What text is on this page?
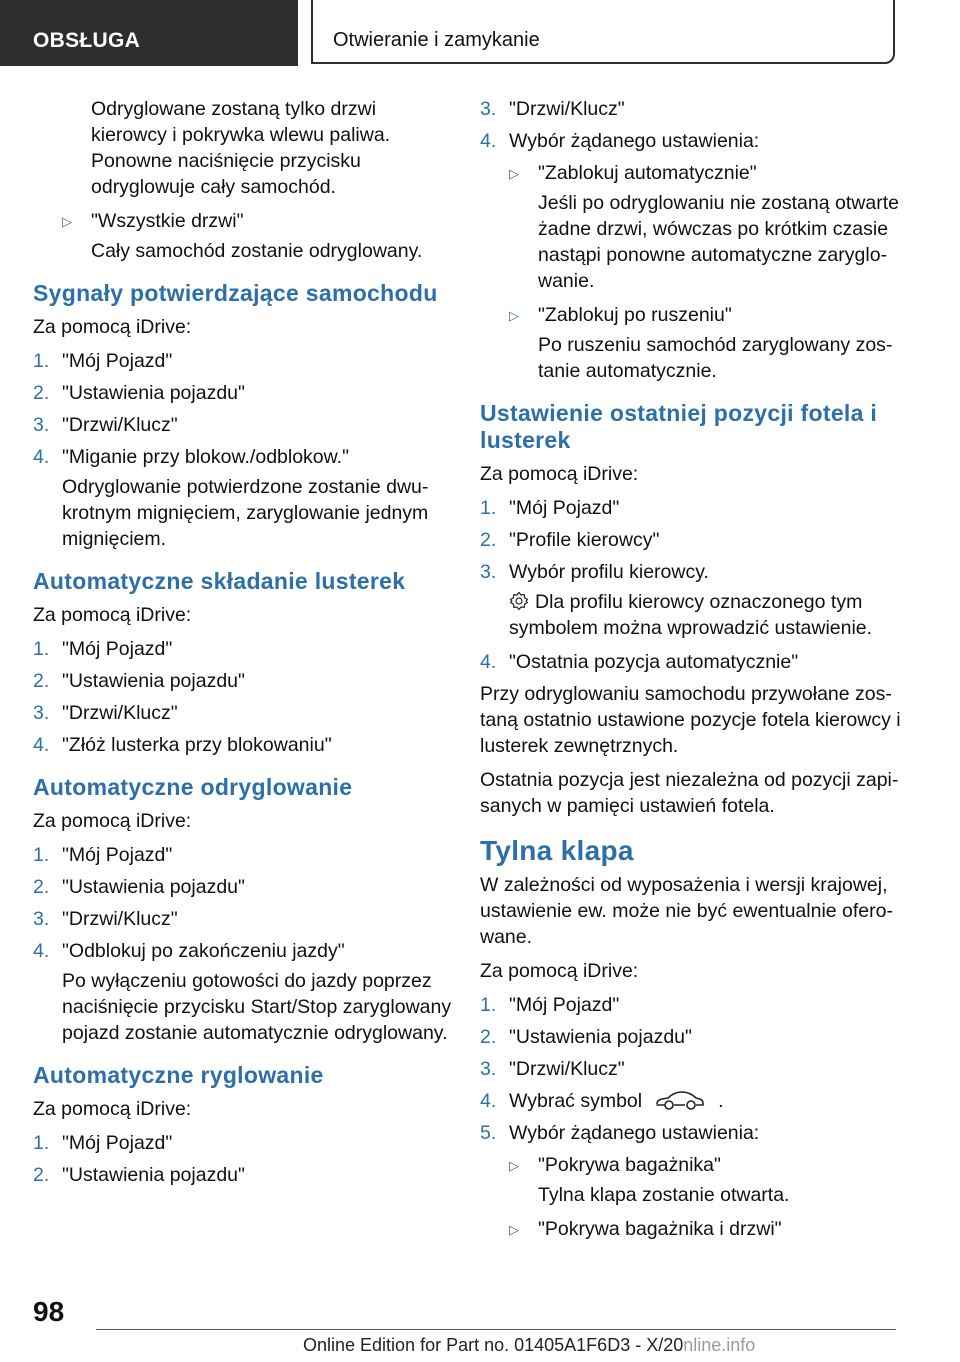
OBSŁUGA	Otwieranie i zamykanie
Odryglowane zostaną tylko drzwi kierowcy i pokrywka wlewu paliwa. Ponowne naciśnięcie przycisku odryglowuje cały samochód.
▷ "Wszystkie drzwi"
Cały samochód zostanie odryglowany.
Sygnały potwierdzające samochodu
Za pomocą iDrive:
1. "Mój Pojazd"
2. "Ustawienia pojazdu"
3. "Drzwi/Klucz"
4. "Miganie przy blokow./odblokow."
Odryglowanie potwierdzone zostanie dwukrotnym mignięciem, zaryglowanie jednym mignięciem.
Automatyczne składanie lusterek
Za pomocą iDrive:
1. "Mój Pojazd"
2. "Ustawienia pojazdu"
3. "Drzwi/Klucz"
4. "Złóż lusterka przy blokowaniu"
Automatyczne odryglowanie
Za pomocą iDrive:
1. "Mój Pojazd"
2. "Ustawienia pojazdu"
3. "Drzwi/Klucz"
4. "Odblokuj po zakończeniu jazdy"
Po wyłączeniu gotowości do jazdy poprzez naciśnięcie przycisku Start/Stop zaryglowany pojazd zostanie automatycznie odryglowany.
Automatyczne ryglowanie
Za pomocą iDrive:
1. "Mój Pojazd"
2. "Ustawienia pojazdu"
3. "Drzwi/Klucz"
4. Wybór żądanego ustawienia:
▷ "Zablokuj automatycznie"
Jeśli po odryglowaniu nie zostaną otwarte żadne drzwi, wówczas po krótkim czasie nastąpi ponowne automatyczne zaryglowanie.
▷ "Zablokuj po ruszeniu"
Po ruszeniu samochód zaryglowany zostanie automatycznie.
Ustawienie ostatniej pozycji fotela i lusterek
Za pomocą iDrive:
1. "Mój Pojazd"
2. "Profile kierowcy"
3. Wybór profilu kierowcy.
Dla profilu kierowcy oznaczonego tym symbolem można wprowadzić ustawienie.
4. "Ostatnia pozycja automatycznie"
Przy odryglowaniu samochodu przywołane zostaną ostatnio ustawione pozycje fotela kierowcy i lusterek zewnętrznych.
Ostatnia pozycja jest niezależna od pozycji zapisanych w pamięci ustawień fotela.
Tylna klapa
W zależności od wyposażenia i wersji krajowej, ustawienie ew. może nie być ewentualnie oferowane.
Za pomocą iDrive:
1. "Mój Pojazd"
2. "Ustawienia pojazdu"
3. "Drzwi/Klucz"
4. Wybrać symbol	.
5. Wybór żądanego ustawienia:
▷ "Pokrywa bagażnika"
Tylna klapa zostanie otwarta.
▷ "Pokrywa bagażnika i drzwi"
98
Online Edition for Part no. 01405A1F6D3 - X/20nline.info
